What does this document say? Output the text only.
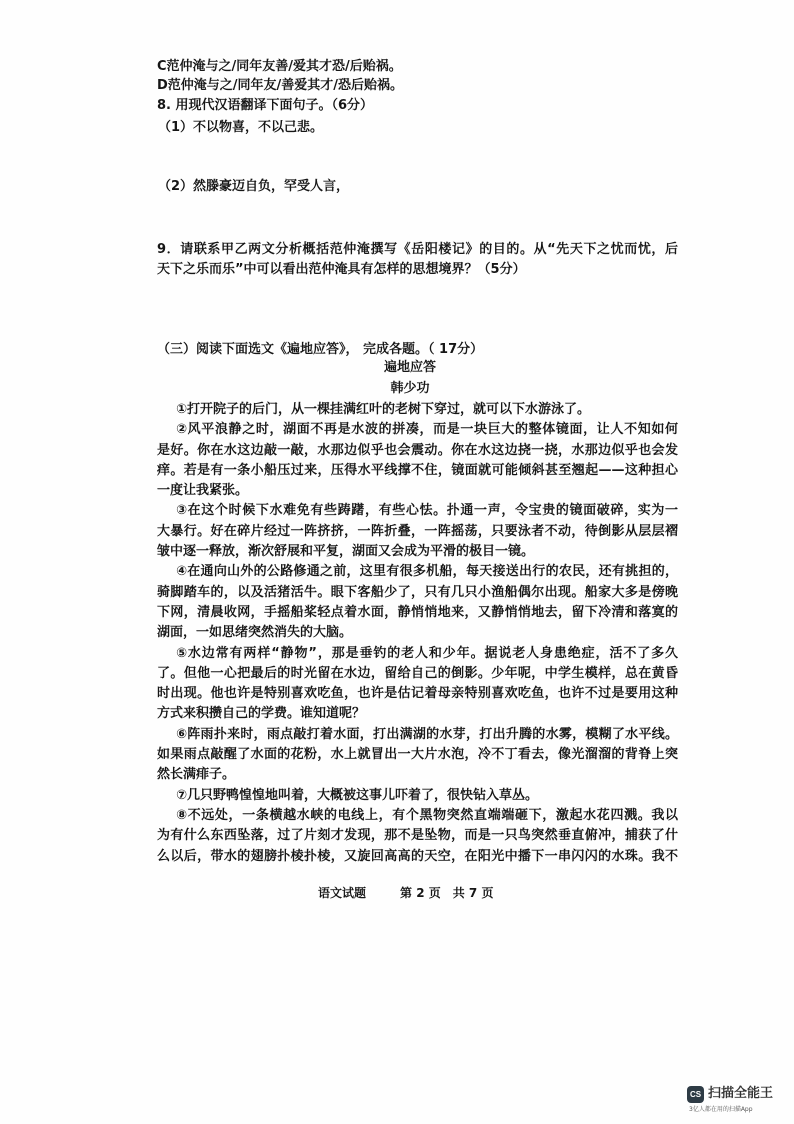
C范仲淹与之/同年友善/爱其才恐/后贻祸。
D范仲淹与之/同年友/善爱其才/恐后贻祸。
8. 用现代汉语翻译下面句子。（6分）
（1）不以物喜，不以己悲。
（2）然滕豪迈自负，罕受人言，
9．请联系甲乙两文分析概括范仲淹撰写《岳阳楼记》的目的。从“先天下之忧而忧，后
天下之乐而乐”中可以看出范仲淹具有怎样的思想境界？（5分）
（三）阅读下面选文《遍地应答》， 完成各题。（ 17分）
遍地应答
韩少功
①打开院子的后门，从一棵挂满红叶的老树下穿过，就可以下水游泳了。
②风平浪静之时，湖面不再是水波的拼凑，而是一块巨大的整体镜面，让人不知如何
是好。你在水这边敲一敲，水那边似乎也会震动。你在水这边挠一挠，水那边似乎也会发
痒。若是有一条小船压过来，压得水平线撑不住，镜面就可能倾斜甚至翘起——这种担心
一度让我紧张。
③在这个时候下水难免有些踌躇，有些心怯。扑通一声，令宝贵的镜面破碎，实为一
大暴行。好在碎片经过一阵挤挤，一阵折叠，一阵摇荡，只要泳者不动，待倒影从层层褶
皱中逐一释放，渐次舒展和平复，湖面又会成为平滑的极目一镜。
④在通向山外的公路修通之前，这里有很多机船，每天接送出行的农民，还有挑担的，
骑脚踏车的，以及活猪活牛。眼下客船少了，只有几只小渔船偶尔出现。船家大多是傍晚
下网，清晨收网，手摇船桨轻点着水面，静悄悄地来，又静悄悄地去，留下冷清和落寞的
湖面，一如思绪突然消失的大脑。
⑤水边常有两样“静物”，那是垂钓的老人和少年。据说老人身患绝症，活不了多久
了。但他一心把最后的时光留在水边，留给自己的倒影。少年呢，中学生模样，总在黄昏
时出现。他也许是特别喜欢吃鱼，也许是估记着母亲特别喜欢吃鱼，也许不过是要用这种
方式来积攒自己的学费。谁知道呢？
⑥阵雨扑来时，雨点敲打着水面，打出满湖的水芽，打出升腾的水雾，模糊了水平线。
如果雨点敲醒了水面的花粉，水上就冒出一大片水泡，冷不丁看去，像光溜溜的背脊上突
然长满痱子。
⑦几只野鸭惶惶地叫着，大概被这事儿吓着了，很快钻入草丛。
⑧不远处，一条横越水峡的电线上，有个黑物突然直端端砸下，激起水花四溅。我以
为有什么东西坠落，过了片刻才发现，那不是坠物，而是一只鸟突然垂直俯冲，捕获了什
么以后，带水的翅膀扑棱扑棱，又旋回高高的天空，在阳光中播下一串闪闪的水珠。我不
语文试题	第 2 页 共 7 页
CS 扫描全能王
3亿人都在用的扫描App
